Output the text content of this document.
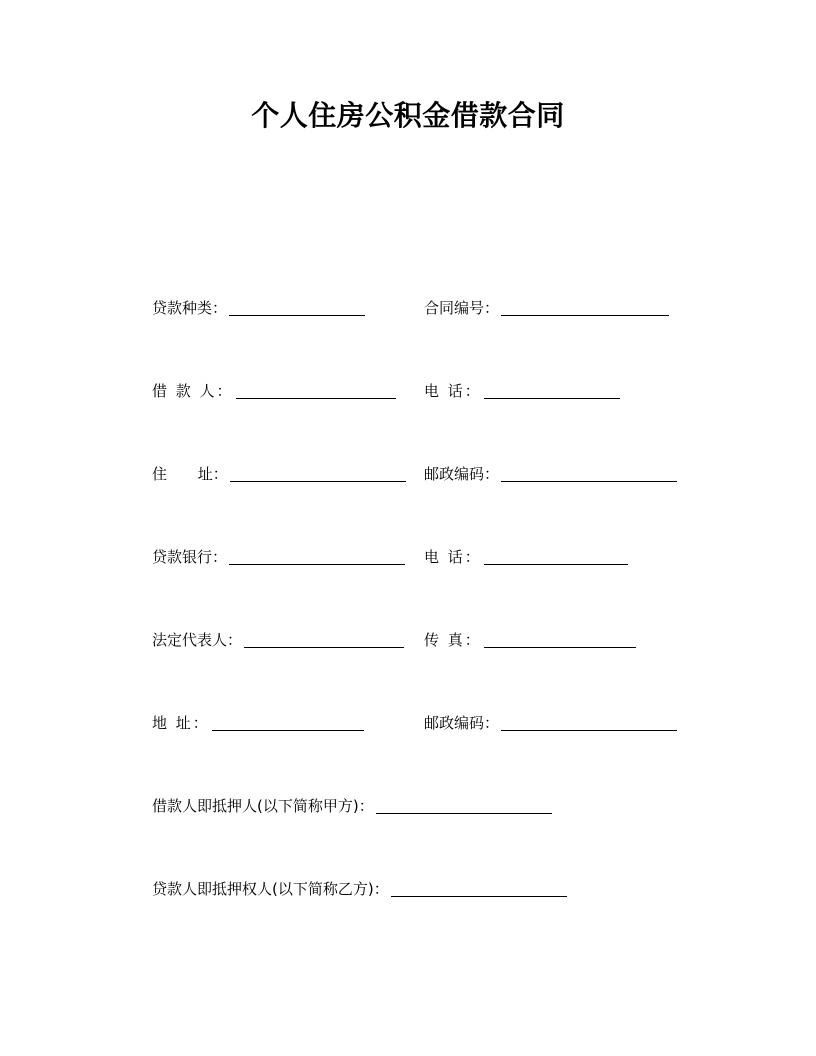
个人住房公积金借款合同
贷款种类：	合同编号：
借 款 人：	电 话：
住 址：	邮政编码：
贷款银行：	电 话：
法定代表人：	传 真：
地 址：	邮政编码：
借款人即抵押人(以下简称甲方)：
贷款人即抵押权人(以下简称乙方)：
